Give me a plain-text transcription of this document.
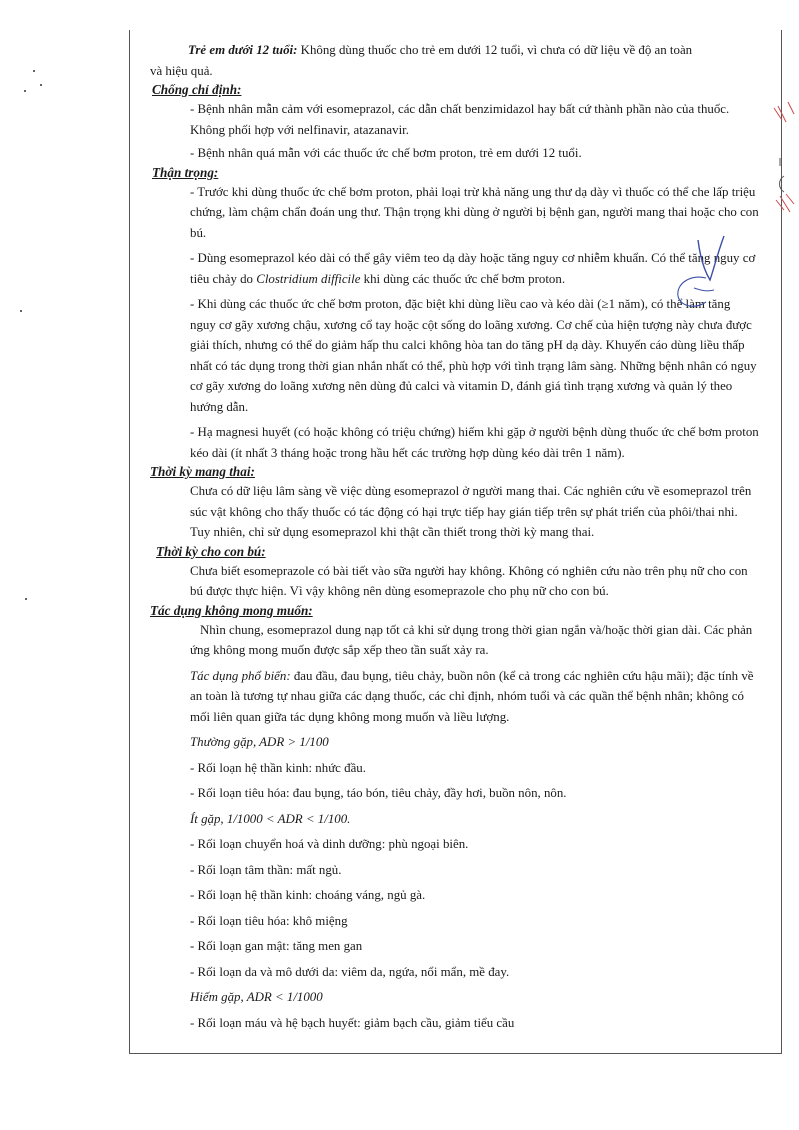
Trẻ em dưới 12 tuổi: Không dùng thuốc cho trẻ em dưới 12 tuổi, vì chưa có dữ liệu về độ an toàn

và hiệu quả.

Chống chỉ định:

- Bệnh nhân mẫn cảm với esomeprazol, các dẫn chất benzimidazol hay bất cứ thành phần nào của thuốc. Không phối hợp với nelfinavir, atazanavir.

- Bệnh nhân quá mẫn với các thuốc ức chế bơm proton, trẻ em dưới 12 tuổi.

Thận trọng:

- Trước khi dùng thuốc ức chế bơm proton, phải loại trừ khả năng ung thư dạ dày vì thuốc có thể che lấp triệu chứng, làm chậm chẩn đoán ung thư. Thận trọng khi dùng ở người bị bệnh gan, người mang thai hoặc cho con bú.

- Dùng esomeprazol kéo dài có thể gây viêm teo dạ dày hoặc tăng nguy cơ nhiễm khuẩn. Có thể tăng nguy cơ tiêu chảy do Clostridium difficile khi dùng các thuốc ức chế bơm proton.

- Khi dùng các thuốc ức chế bơm proton, đặc biệt khi dùng liều cao và kéo dài (≥1 năm), có thể làm tăng nguy cơ gãy xương chậu, xương cổ tay hoặc cột sống do loãng xương. Cơ chế của hiện tượng này chưa được giải thích, nhưng có thể do giảm hấp thu calci không hòa tan do tăng pH dạ dày. Khuyến cáo dùng liều thấp nhất có tác dụng trong thời gian nhắn nhất có thể, phù hợp với tình trạng lâm sàng. Những bệnh nhân có nguy cơ gãy xương do loãng xương nên dùng đủ calci và vitamin D, đánh giá tình trạng xương và quản lý theo hướng dẫn.

- Hạ magnesi huyết (có hoặc không có triệu chứng) hiếm khi gặp ở người bệnh dùng thuốc ức chế bơm proton kéo dài (ít nhất 3 tháng hoặc trong hầu hết các trường hợp dùng kéo dài trên 1 năm).

Thời kỳ mang thai:

Chưa có dữ liệu lâm sàng về việc dùng esomeprazol ở người mang thai. Các nghiên cứu về esomeprazol trên súc vật không cho thấy thuốc có tác động có hại trực tiếp hay gián tiếp trên sự phát triển của phôi/thai nhi. Tuy nhiên, chỉ sử dụng esomeprazol khi thật cần thiết trong thời kỳ mang thai.

Thời kỳ cho con bú:

Chưa biết esomeprazole có bài tiết vào sữa người hay không. Không có nghiên cứu nào trên phụ nữ cho con bú được thực hiện. Vì vậy không nên dùng esomeprazole cho phụ nữ cho con bú.

Tác dụng không mong muốn:

Nhìn chung, esomeprazol dung nạp tốt cả khi sử dụng trong thời gian ngắn và/hoặc thời gian dài. Các phản ứng không mong muốn được sắp xếp theo tần suất xảy ra.

Tác dụng phổ biến: đau đầu, đau bụng, tiêu chảy, buồn nôn (kể cả trong các nghiên cứu hậu mãi); đặc tính về an toàn là tương tự nhau giữa các dạng thuốc, các chỉ định, nhóm tuổi và các quần thể bệnh nhân; không có mối liên quan giữa tác dụng không mong muốn và liều lượng.

Thường gặp, ADR > 1/100

- Rối loạn hệ thần kinh: nhức đầu.

- Rối loạn tiêu hóa: đau bụng, táo bón, tiêu chảy, đầy hơi, buồn nôn, nôn.

Ít gặp, 1/1000 < ADR < 1/100.

- Rối loạn chuyển hoá và dinh dưỡng: phù ngoại biên.

- Rối loạn tâm thần: mất ngủ.

- Rối loạn hệ thần kinh: choáng váng, ngủ gà.

- Rối loạn tiêu hóa: khô miệng

- Rối loạn gan mật: tăng men gan

- Rối loạn da và mô dưới da: viêm da, ngứa, nổi mẩn, mề đay.

Hiếm gặp, ADR < 1/1000

- Rối loạn máu và hệ bạch huyết: giảm bạch cầu, giảm tiểu cầu
